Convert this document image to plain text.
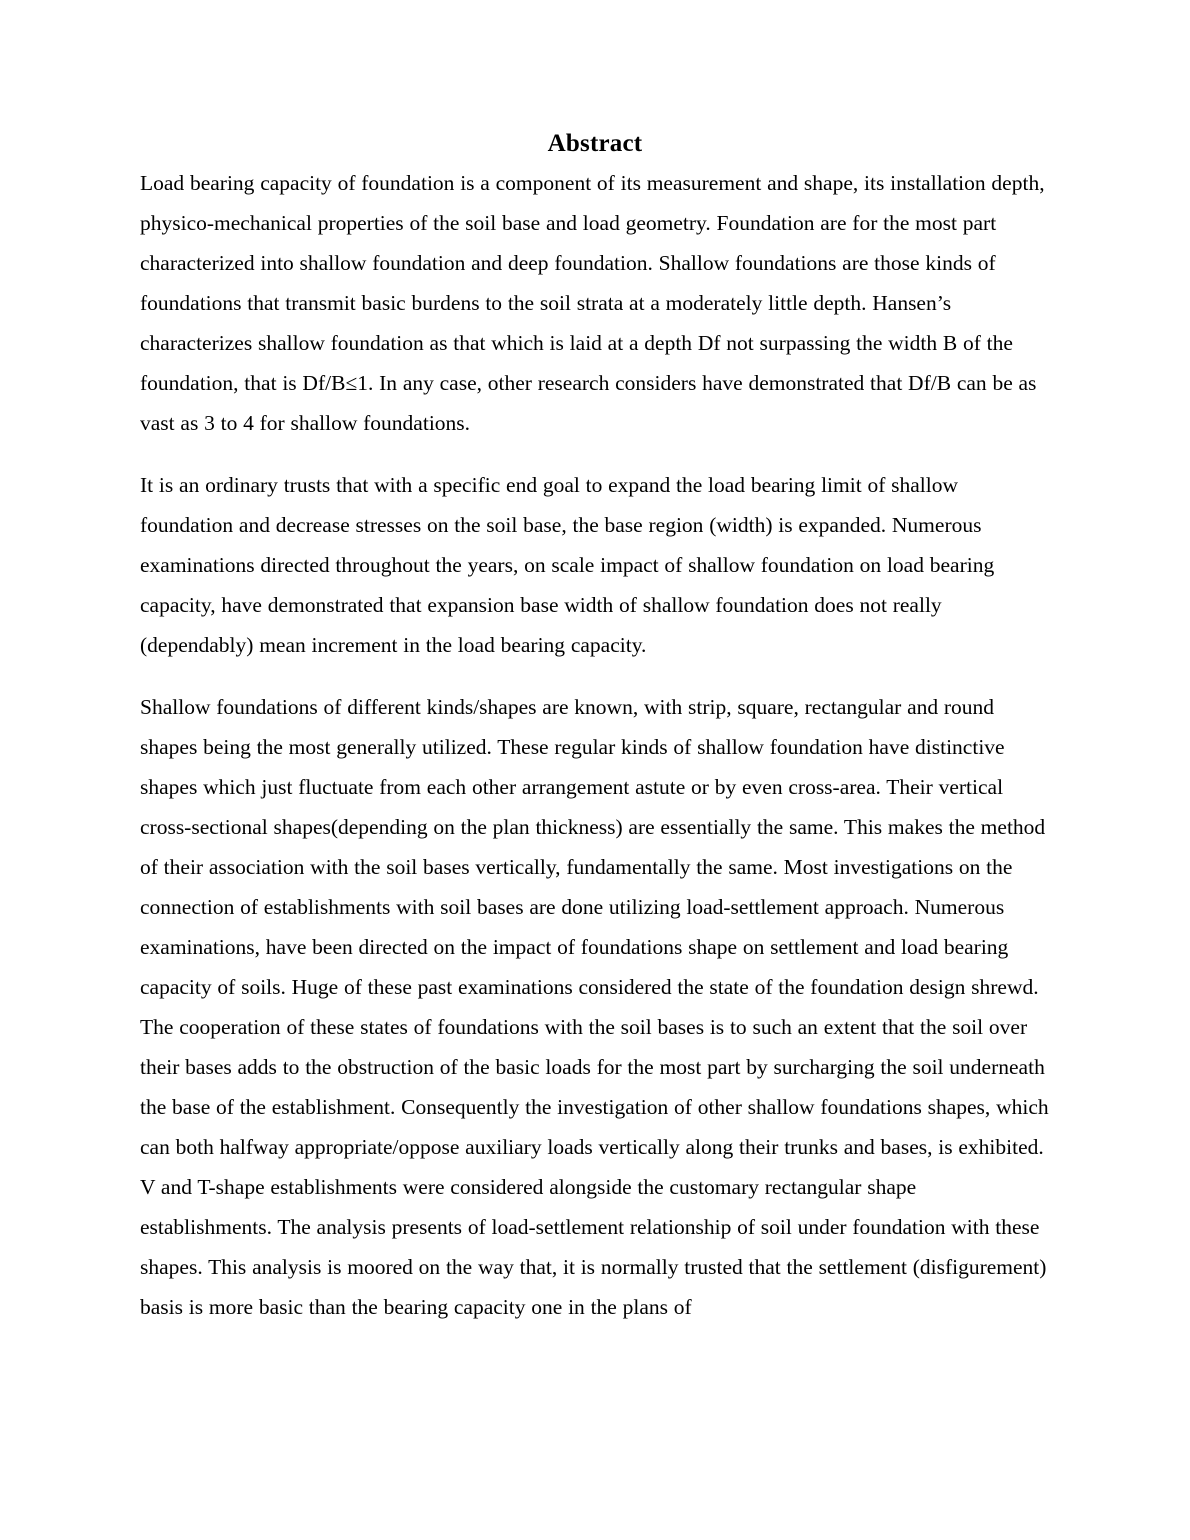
Abstract

Load bearing capacity of foundation is a component of its measurement and shape, its installation depth, physico-mechanical properties of the soil base and load geometry. Foundation are for the most part characterized into shallow foundation and deep foundation. Shallow foundations are those kinds of foundations that transmit basic burdens to the soil strata at a moderately little depth. Hansen’s characterizes shallow foundation as that which is laid at a depth Df not surpassing the width B of the foundation, that is Df/B≤1. In any case, other research considers have demonstrated that Df/B can be as vast as 3 to 4 for shallow foundations.

It is an ordinary trusts that with a specific end goal to expand the load bearing limit of shallow foundation and decrease stresses on the soil base, the base region (width) is expanded. Numerous examinations directed throughout the years, on scale impact of shallow foundation on load bearing capacity, have demonstrated that expansion base width of shallow foundation does not really (dependably) mean increment in the load bearing capacity.

Shallow foundations of different kinds/shapes are known, with strip, square, rectangular and round shapes being the most generally utilized. These regular kinds of shallow foundation have distinctive shapes which just fluctuate from each other arrangement astute or by even cross-area. Their vertical cross-sectional shapes(depending on the plan thickness) are essentially the same. This makes the method of their association with the soil bases vertically, fundamentally the same. Most investigations on the connection of establishments with soil bases are done utilizing load-settlement approach. Numerous examinations, have been directed on the impact of foundations shape on settlement and load bearing capacity of soils. Huge of these past examinations considered the state of the foundation design shrewd. The cooperation of these states of foundations with the soil bases is to such an extent that the soil over their bases adds to the obstruction of the basic loads for the most part by surcharging the soil underneath the base of the establishment. Consequently the investigation of other shallow foundations shapes, which can both halfway appropriate/oppose auxiliary loads vertically along their trunks and bases, is exhibited. V and T-shape establishments were considered alongside the customary rectangular shape establishments. The analysis presents of load-settlement relationship of soil under foundation with these shapes. This analysis is moored on the way that, it is normally trusted that the settlement (disfigurement) basis is more basic than the bearing capacity one in the plans of
